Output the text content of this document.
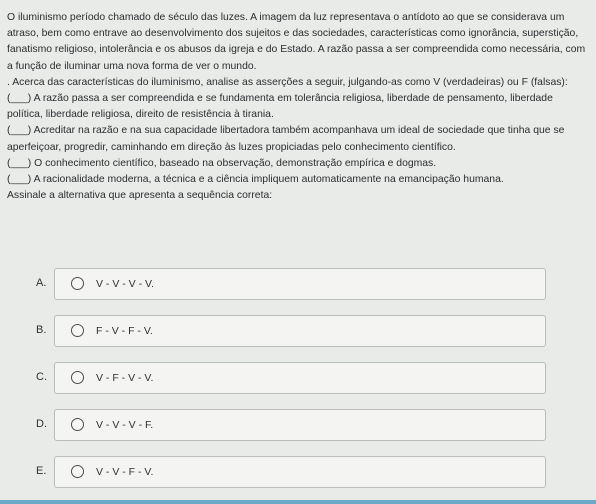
O iluminismo período chamado de século das luzes. A imagem da luz representava o antídoto ao que se considerava um atraso, bem como entrave ao desenvolvimento dos sujeitos e das sociedades, características como ignorância, superstição, fanatismo religioso, intolerância e os abusos da igreja e do Estado. A razão passa a ser compreendida como necessária, com a função de iluminar uma nova forma de ver o mundo.

. Acerca das características do iluminismo, analise as asserções a seguir, julgando-as como V (verdadeiras) ou F (falsas):

(___) A razão passa a ser compreendida e se fundamenta em tolerância religiosa, liberdade de pensamento, liberdade política, liberdade religiosa, direito de resistência à tirania.

(___) Acreditar na razão e na sua capacidade libertadora também acompanhava um ideal de sociedade que tinha que se aperfeiçoar, progredir, caminhando em direção às luzes propiciadas pelo conhecimento científico.

(___) O conhecimento científico, baseado na observação, demonstração empírica e dogmas.

(___) A racionalidade moderna, a técnica e a ciência impliquem automaticamente na emancipação humana.

Assinale a alternativa que apresenta a sequência correta:

A.	V - V - V - V.
B.	F - V - F - V.
C.	V - F - V - V.
D.	V - V - V - F.
E.	V - V - F - V.
